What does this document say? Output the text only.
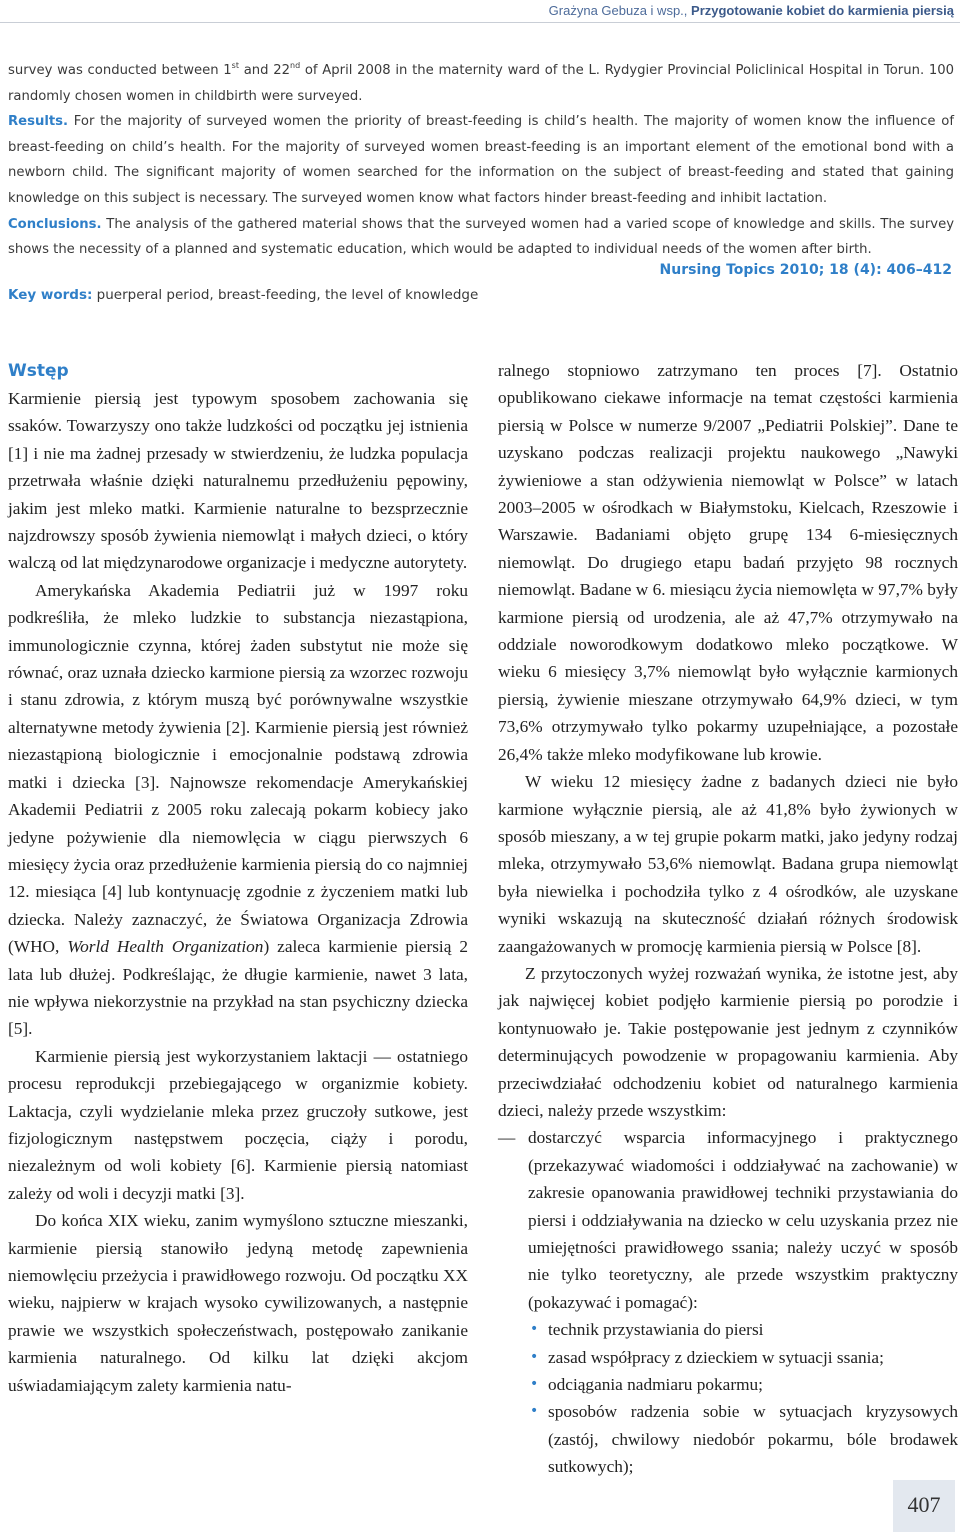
Grażyna Gebuza i wsp., Przygotowanie kobiet do karmienia piersią

survey was conducted between 1st and 22nd of April 2008 in the maternity ward of the L. Rydygier Provincial Policlinical Hospital in Torun. 100 randomly chosen women in childbirth were surveyed.

Results. For the majority of surveyed women the priority of breast-feeding is child’s health. The majority of women know the influence of breast-feeding on child’s health. For the majority of surveyed women breast-feeding is an important element of the emotional bond with a newborn child. The significant majority of women searched for the information on the subject of breast-feeding and stated that gaining knowledge on this subject is necessary. The surveyed women know what factors hinder breast-feeding and inhibit lactation.

Conclusions. The analysis of the gathered material shows that the surveyed women had a varied scope of knowledge and skills. The survey shows the necessity of a planned and systematic education, which would be adapted to individual needs of the women after birth.

Nursing Topics 2010; 18 (4): 406–412
Key words: puerperal period, breast-feeding, the level of knowledge
Wstęp

Karmienie piersią jest typowym sposobem zachowania się ssaków. Towarzyszy ono także ludzkości od początku jej istnienia [1] i nie ma żadnej przesady w stwierdzeniu, że ludzka populacja przetrwała właśnie dzięki naturalnemu przedłużeniu pępowiny, jakim jest mleko matki. Karmienie naturalne to bezsprzecznie najzdrowszy sposób żywienia niemowląt i małych dzieci, o który walczą od lat międzynarodowe organizacje i medyczne autorytety.

Amerykańska Akademia Pediatrii już w 1997 roku podkreśliła, że mleko ludzkie to substancja niezastąpiona, immunologicznie czynna, której żaden substytut nie może się równać, oraz uznała dziecko karmione piersią za wzorzec rozwoju i stanu zdrowia, z którym muszą być porównywalne wszystkie alternatywne metody żywienia [2]. Karmienie piersią jest również niezastąpioną biologicznie i emocjonalnie podstawą zdrowia matki i dziecka [3]. Najnowsze rekomendacje Amerykańskiej Akademii Pediatrii z 2005 roku zalecają pokarm kobiecy jako jedyne pożywienie dla niemowlęcia w ciągu pierwszych 6 miesięcy życia oraz przedłużenie karmienia piersią do co najmniej 12. miesiąca [4] lub kontynuację zgodnie z życzeniem matki lub dziecka. Należy zaznaczyć, że Światowa Organizacja Zdrowia (WHO, World Health Organization) zaleca karmienie piersią 2 lata lub dłużej. Podkreślając, że długie karmienie, nawet 3 lata, nie wpływa niekorzystnie na przykład na stan psychiczny dziecka [5].

Karmienie piersią jest wykorzystaniem laktacji — ostatniego procesu reprodukcji przebiegającego w organizmie kobiety. Laktacja, czyli wydzielanie mleka przez gruczoły sutkowe, jest fizjologicznym następstwem poczęcia, ciąży i porodu, niezależnym od woli kobiety [6]. Karmienie piersią natomiast zależy od woli i decyzji matki [3].

Do końca XIX wieku, zanim wymyślono sztuczne mieszanki, karmienie piersią stanowiło jedyną metodę zapewnienia niemowlęciu przeżycia i prawidłowego rozwoju. Od początku XX wieku, najpierw w krajach wysoko cywilizowanych, a następnie prawie we wszystkich społeczeństwach, postępowało zanikanie karmienia naturalnego. Od kilku lat dzięki akcjom uświadamiającym zalety karmienia natu-

ralnego stopniowo zatrzymano ten proces [7]. Ostatnio opublikowano ciekawe informacje na temat częstości karmienia piersią w Polsce w numerze 9/2007 „Pediatrii Polskiej”. Dane te uzyskano podczas realizacji projektu naukowego „Nawyki żywieniowe a stan odżywienia niemowląt w Polsce” w latach 2003–2005 w ośrodkach w Białymstoku, Kielcach, Rzeszowie i Warszawie. Badaniami objęto grupę 134 6-miesięcznych niemowląt. Do drugiego etapu badań przyjęto 98 rocznych niemowląt. Badane w 6. miesiącu życia niemowlęta w 97,7% były karmione piersią od urodzenia, ale aż 47,7% otrzymywało na oddziale noworodkowym dodatkowo mleko początkowe. W wieku 6 miesięcy 3,7% niemowląt było wyłącznie karmionych piersią, żywienie mieszane otrzymywało 64,9% dzieci, w tym 73,6% otrzymywało tylko pokarmy uzupełniające, a pozostałe 26,4% także mleko modyfikowane lub krowie.

W wieku 12 miesięcy żadne z badanych dzieci nie było karmione wyłącznie piersią, ale aż 41,8% było żywionych w sposób mieszany, a w tej grupie pokarm matki, jako jedyny rodzaj mleka, otrzymywało 53,6% niemowląt. Badana grupa niemowląt była niewielka i pochodziła tylko z 4 ośrodków, ale uzyskane wyniki wskazują na skuteczność działań różnych środowisk zaangażowanych w promocję karmienia piersią w Polsce [8].

Z przytoczonych wyżej rozważań wynika, że istotne jest, aby jak najwięcej kobiet podjęło karmienie piersią po porodzie i kontynuowało je. Takie postępowanie jest jednym z czynników determinujących powodzenie w propagowaniu karmienia. Aby przeciwdziałać odchodzeniu kobiet od naturalnego karmienia dzieci, należy przede wszystkim:

— dostarczyć wsparcia informacyjnego i praktycznego (przekazywać wiadomości i oddziaływać na zachowanie) w zakresie opanowania prawidłowej techniki przystawiania do piersi i oddziaływania na dziecko w celu uzyskania przez nie umiejętności prawidłowego ssania; należy uczyć w sposób nie tylko teoretyczny, ale przede wszystkim praktyczny (pokazywać i pomagać):

• technik przystawiania do piersi
• zasad współpracy z dzieckiem w sytuacji ssania;
• odciągania nadmiaru pokarmu;
• sposobów radzenia sobie w sytuacjach kryzysowych (zastój, chwilowy niedobór pokarmu, bóle brodawek sutkowych);
407
